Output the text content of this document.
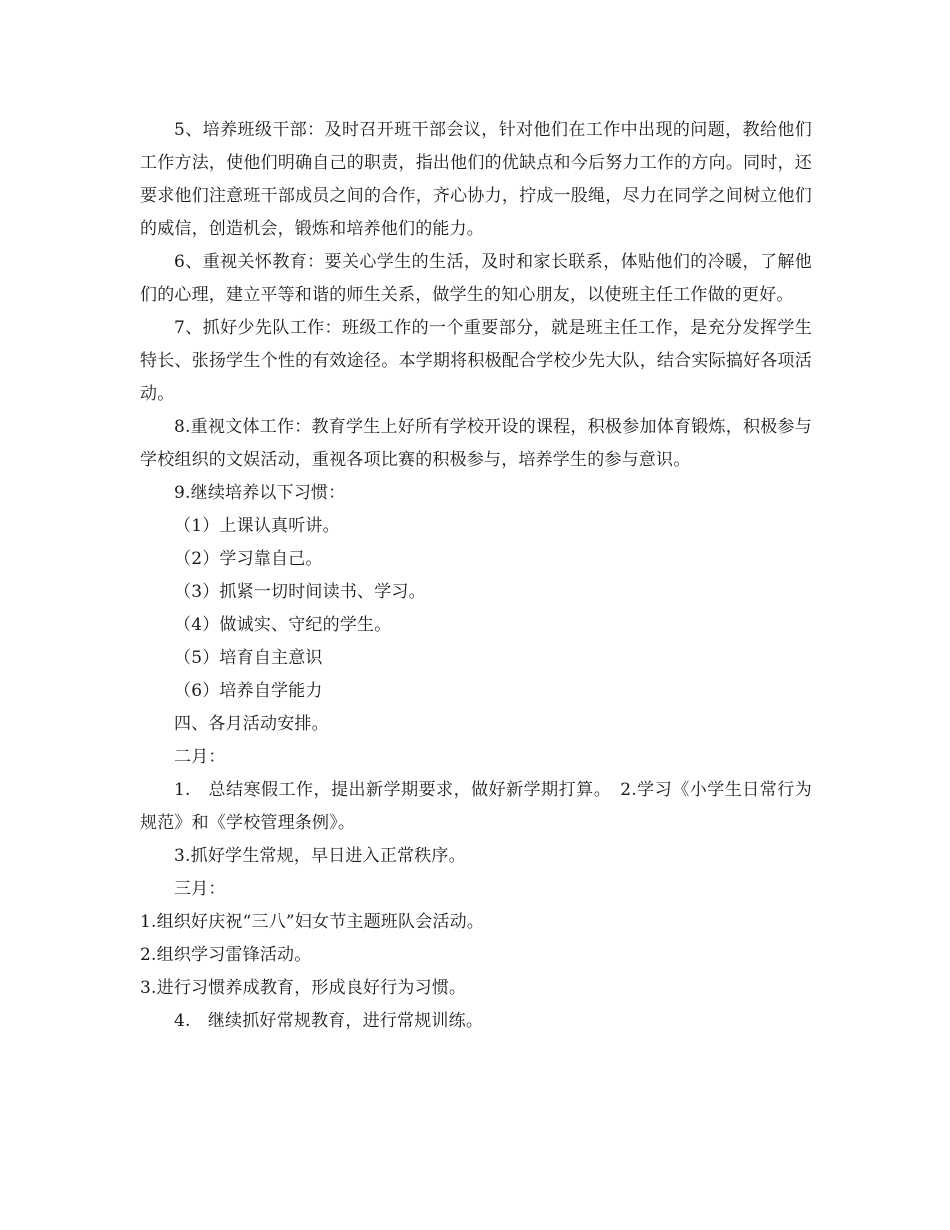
5、培养班级干部：及时召开班干部会议，针对他们在工作中出现的问题，教给他们工作方法，使他们明确自己的职责，指出他们的优缺点和今后努力工作的方向。同时，还要求他们注意班干部成员之间的合作，齐心协力，拧成一股绳，尽力在同学之间树立他们的威信，创造机会，锻炼和培养他们的能力。

6、重视关怀教育：要关心学生的生活，及时和家长联系，体贴他们的冷暖，了解他们的心理，建立平等和谐的师生关系，做学生的知心朋友，以使班主任工作做的更好。

7、抓好少先队工作：班级工作的一个重要部分，就是班主任工作，是充分发挥学生特长、张扬学生个性的有效途径。本学期将积极配合学校少先大队，结合实际搞好各项活动。

8.重视文体工作：教育学生上好所有学校开设的课程，积极参加体育锻炼，积极参与学校组织的文娱活动，重视各项比赛的积极参与，培养学生的参与意识。

9.继续培养以下习惯：

（1）上课认真听讲。

（2）学习靠自己。

（3）抓紧一切时间读书、学习。

（4）做诚实、守纪的学生。

（5）培育自主意识

（6）培养自学能力

四、各月活动安排。

二月：

1.　总结寒假工作，提出新学期要求，做好新学期打算。　2.学习《小学生日常行为规范》和《学校管理条例》。

3.抓好学生常规，早日进入正常秩序。

三月：

1.组织好庆祝“三八”妇女节主题班队会活动。

2.组织学习雷锋活动。

3.进行习惯养成教育，形成良好行为习惯。

4.　继续抓好常规教育，进行常规训练。
